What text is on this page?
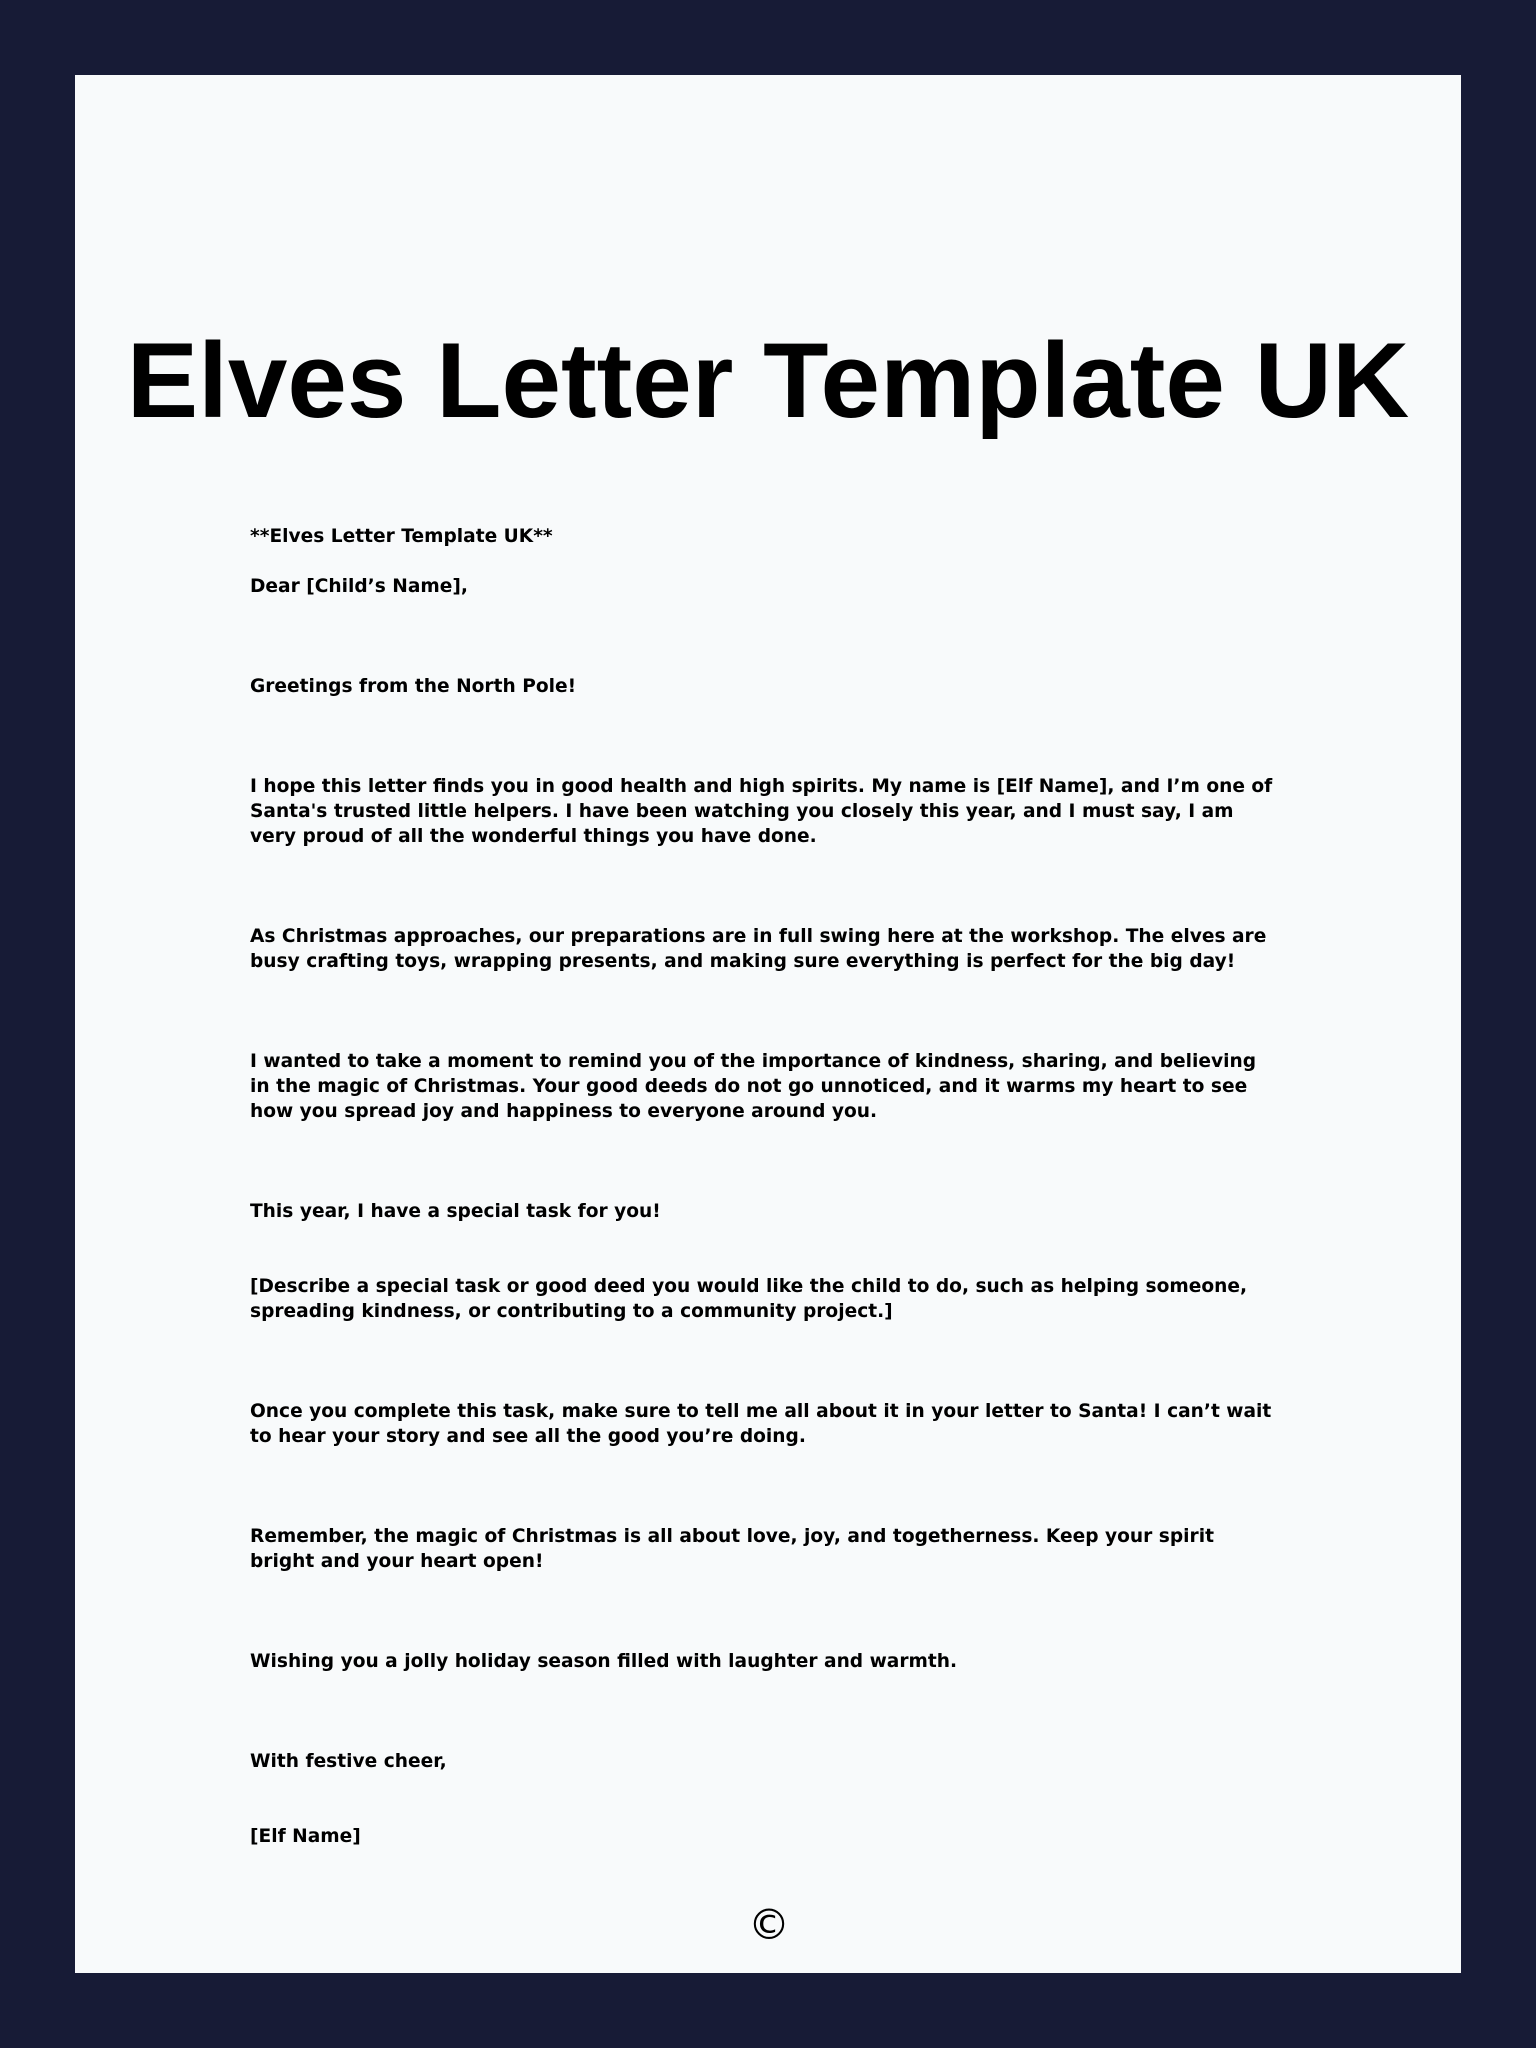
Elves Letter Template UK

**Elves Letter Template UK**

Dear [Child’s Name],

Greetings from the North Pole!

I hope this letter finds you in good health and high spirits. My name is [Elf Name], and I’m one of Santa's trusted little helpers. I have been watching you closely this year, and I must say, I am very proud of all the wonderful things you have done.

As Christmas approaches, our preparations are in full swing here at the workshop. The elves are busy crafting toys, wrapping presents, and making sure everything is perfect for the big day!

I wanted to take a moment to remind you of the importance of kindness, sharing, and believing in the magic of Christmas. Your good deeds do not go unnoticed, and it warms my heart to see how you spread joy and happiness to everyone around you.

This year, I have a special task for you!

[Describe a special task or good deed you would like the child to do, such as helping someone, spreading kindness, or contributing to a community project.]

Once you complete this task, make sure to tell me all about it in your letter to Santa! I can’t wait to hear your story and see all the good you’re doing.

Remember, the magic of Christmas is all about love, joy, and togetherness. Keep your spirit bright and your heart open!

Wishing you a jolly holiday season filled with laughter and warmth.

With festive cheer,

[Elf Name]

©
